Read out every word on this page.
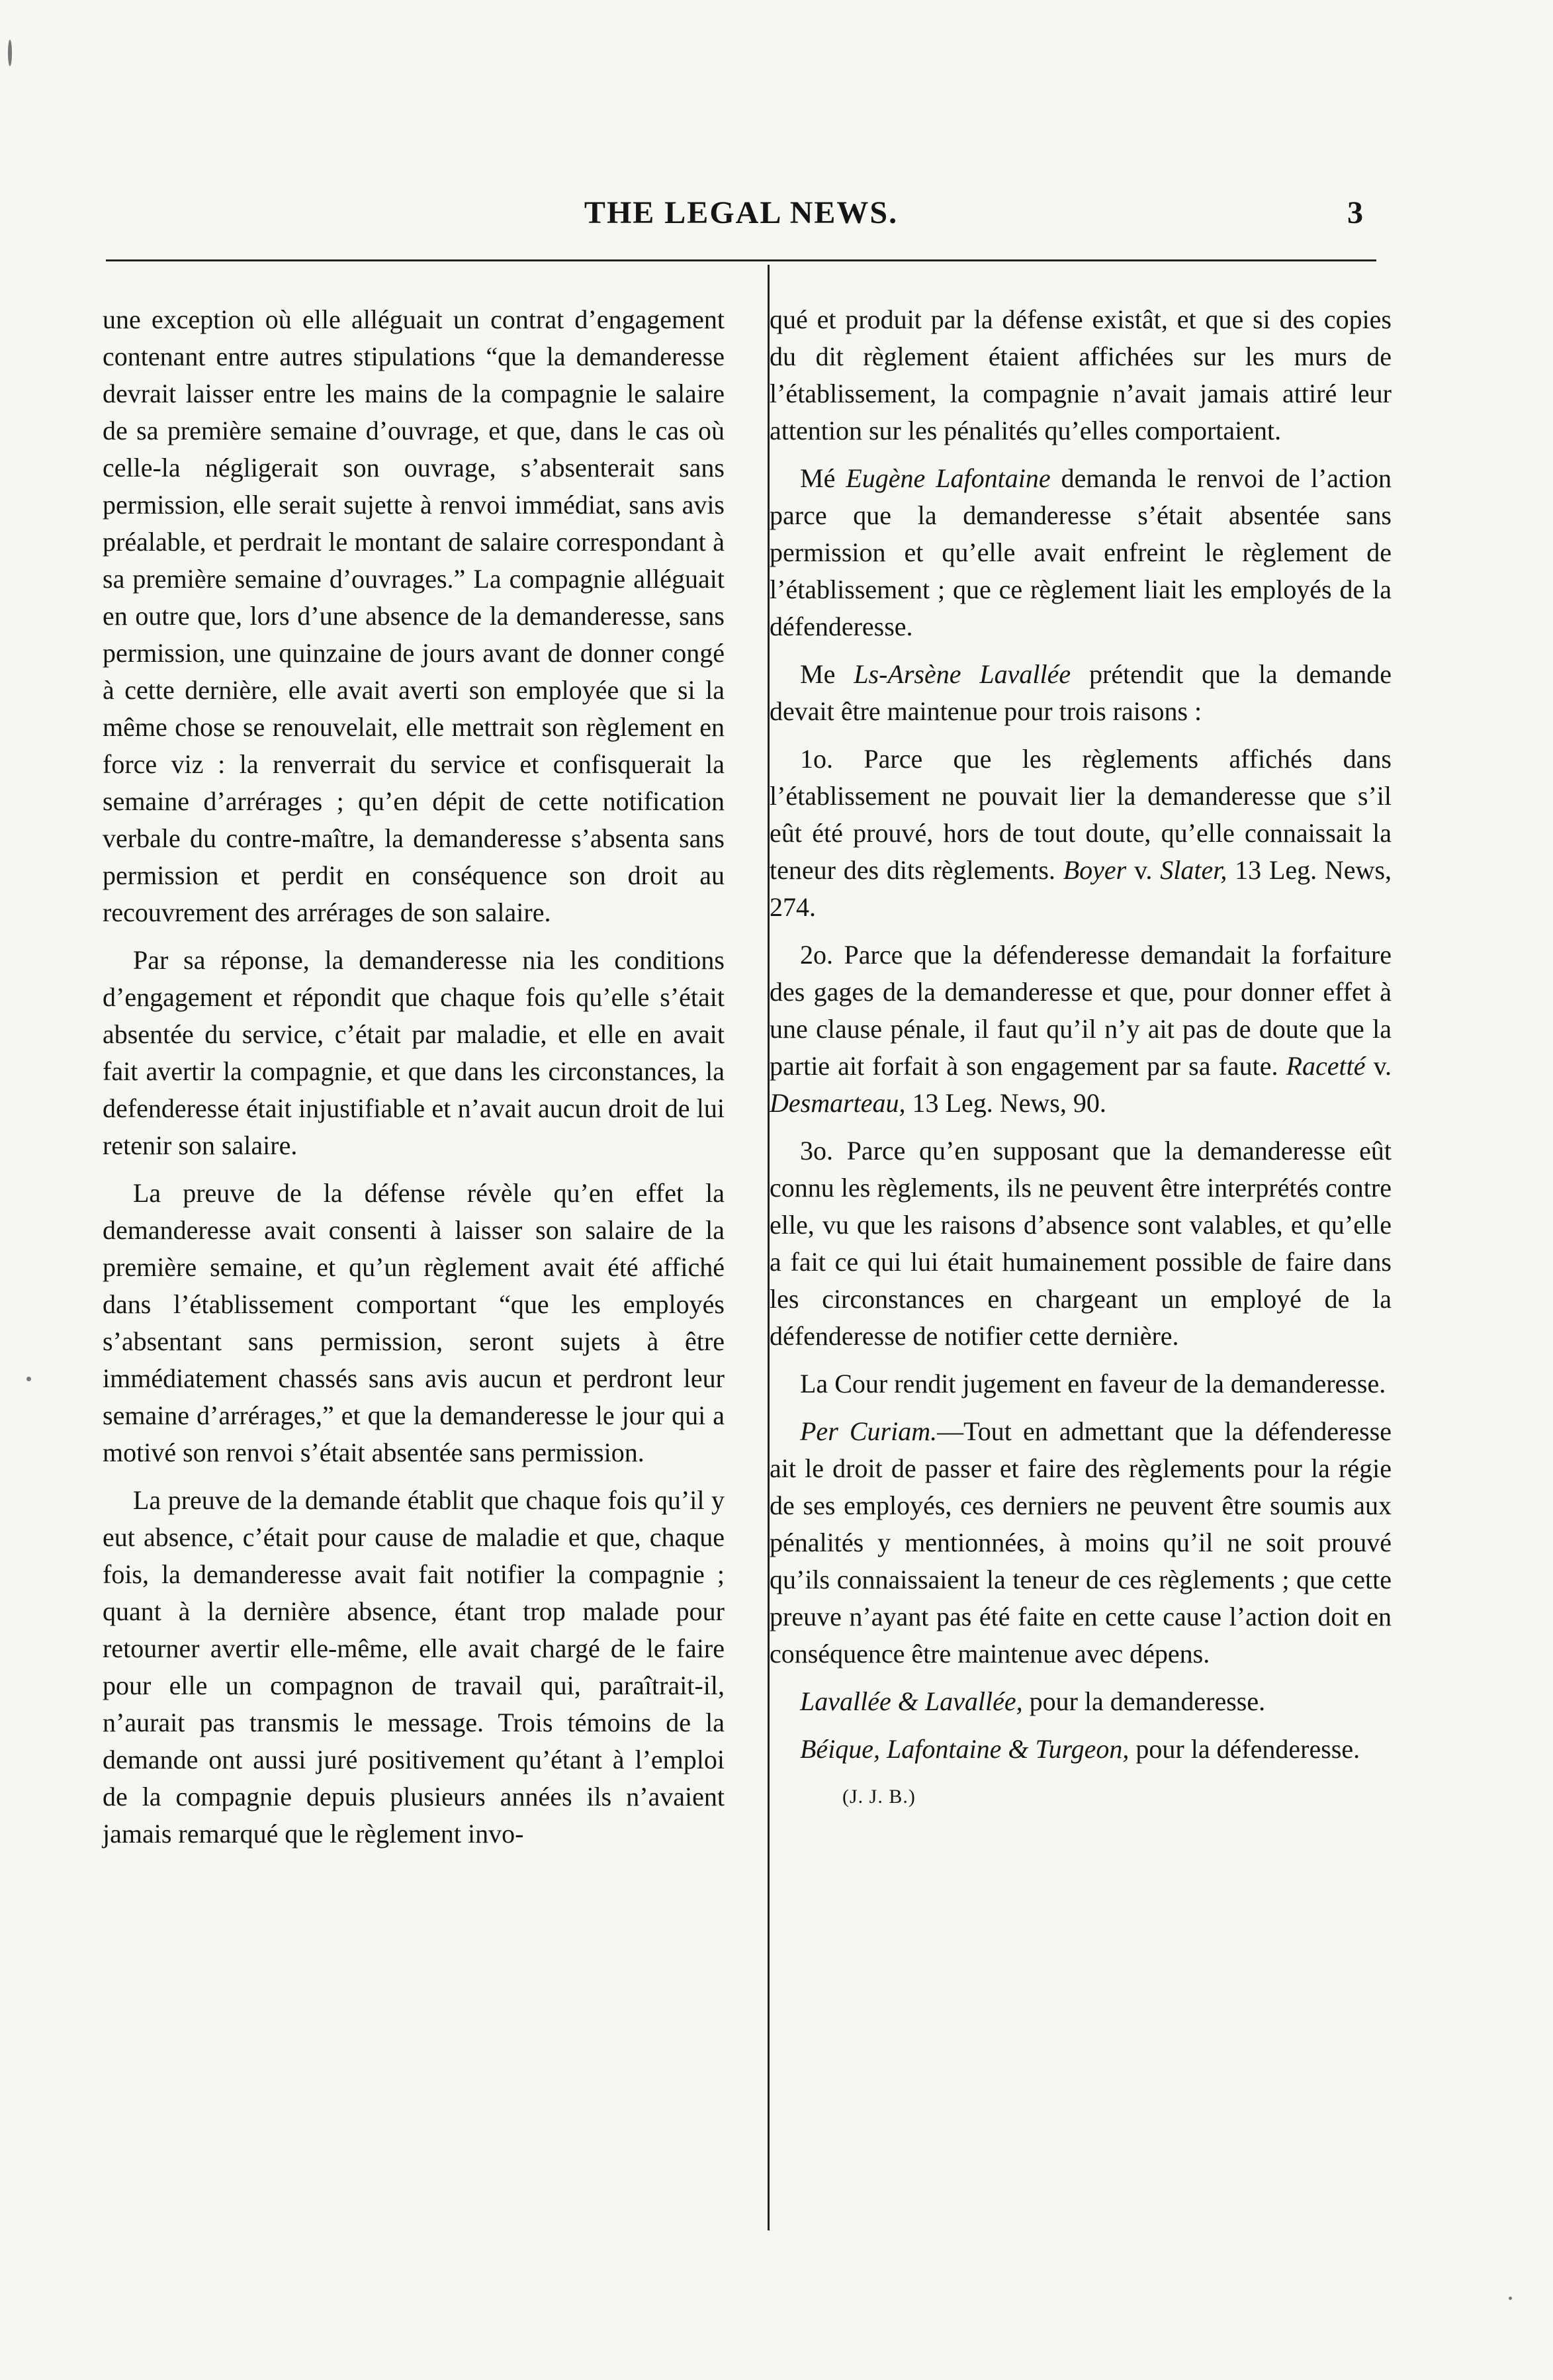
THE LEGAL NEWS.	3

une exception où elle alléguait un contrat d’engagement contenant entre autres stipulations “que la demanderesse devrait laisser entre les mains de la compagnie le salaire de sa première semaine d’ouvrage, et que, dans le cas où celle-la négligerait son ouvrage, s’absenterait sans permission, elle serait sujette à renvoi immédiat, sans avis préalable, et perdrait le montant de salaire correspondant à sa première semaine d’ouvrages.” La compagnie alléguait en outre que, lors d’une absence de la demanderesse, sans permission, une quinzaine de jours avant de donner congé à cette dernière, elle avait averti son employée que si la même chose se renouvelait, elle mettrait son règlement en force viz : la renverrait du service et confisquerait la semaine d’arrérages ; qu’en dépit de cette notification verbale du contre-maître, la demanderesse s’absenta sans permission et perdit en conséquence son droit au recouvrement des arrérages de son salaire.

Par sa réponse, la demanderesse nia les conditions d’engagement et répondit que chaque fois qu’elle s’était absentée du service, c’était par maladie, et elle en avait fait avertir la compagnie, et que dans les circonstances, la defenderesse était injustifiable et n’avait aucun droit de lui retenir son salaire.

La preuve de la défense révèle qu’en effet la demanderesse avait consenti à laisser son salaire de la première semaine, et qu’un règlement avait été affiché dans l’établissement comportant “que les employés s’absentant sans permission, seront sujets à être immédiatement chassés sans avis aucun et perdront leur semaine d’arrérages,” et que la demanderesse le jour qui a motivé son renvoi s’était absentée sans permission.

La preuve de la demande établit que chaque fois qu’il y eut absence, c’était pour cause de maladie et que, chaque fois, la demanderesse avait fait notifier la compagnie ; quant à la dernière absence, étant trop malade pour retourner avertir elle-même, elle avait chargé de le faire pour elle un compagnon de travail qui, paraîtrait-il, n’aurait pas transmis le message. Trois témoins de la demande ont aussi juré positivement qu’étant à l’emploi de la compagnie depuis plusieurs années ils n’avaient jamais remarqué que le règlement invo-

qué et produit par la défense existât, et que si des copies du dit règlement étaient affichées sur les murs de l’établissement, la compagnie n’avait jamais attiré leur attention sur les pénalités qu’elles comportaient.

Mé Eugène Lafontaine demanda le renvoi de l’action parce que la demanderesse s’était absentée sans permission et qu’elle avait enfreint le règlement de l’établissement ; que ce règlement liait les employés de la défenderesse.

Me Ls-Arsène Lavallée prétendit que la demande devait être maintenue pour trois raisons :

1o. Parce que les règlements affichés dans l’établissement ne pouvait lier la demanderesse que s’il eût été prouvé, hors de tout doute, qu’elle connaissait la teneur des dits règlements. Boyer v. Slater, 13 Leg. News, 274.

2o. Parce que la défenderesse demandait la forfaiture des gages de la demanderesse et que, pour donner effet à une clause pénale, il faut qu’il n’y ait pas de doute que la partie ait forfait à son engagement par sa faute. Racetté v. Desmarteau, 13 Leg. News, 90.

3o. Parce qu’en supposant que la demanderesse eût connu les règlements, ils ne peuvent être interprétés contre elle, vu que les raisons d’absence sont valables, et qu’elle a fait ce qui lui était humainement possible de faire dans les circonstances en chargeant un employé de la défenderesse de notifier cette dernière.

La Cour rendit jugement en faveur de la demanderesse.

Per Curiam.—Tout en admettant que la défenderesse ait le droit de passer et faire des règlements pour la régie de ses employés, ces derniers ne peuvent être soumis aux pénalités y mentionnées, à moins qu’il ne soit prouvé qu’ils connaissaient la teneur de ces règlements ; que cette preuve n’ayant pas été faite en cette cause l’action doit en conséquence être maintenue avec dépens.

Lavallée & Lavallée, pour la demanderesse.

Béique, Lafontaine & Turgeon, pour la défenderesse.

(J. J. B.)
